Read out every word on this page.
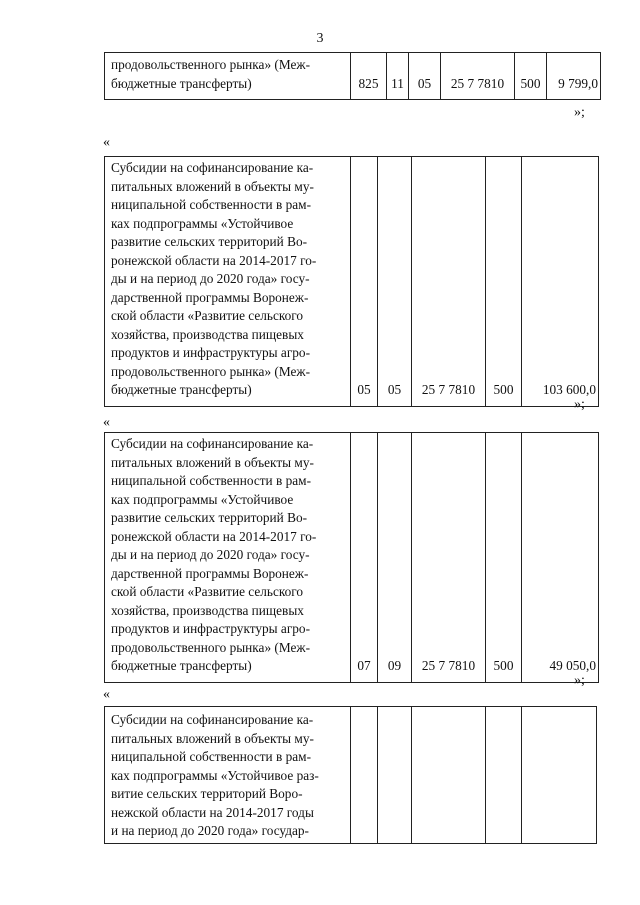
3
продовольственного рынка» (Меж-
бюджетные трансферты)	825	11	05	25 7 7810	500	9 799,0
»;
«
Субсидии на софинансирование ка-
питальных вложений в объекты му-
ниципальной собственности в рам-
ках подпрограммы «Устойчивое
развитие сельских территорий Во-
ронежской области на 2014-2017 го-
ды и на период до 2020 года» госу-
дарственной программы Воронеж-
ской области «Развитие сельского
хозяйства, производства пищевых
продуктов и инфраструктуры агро-
продовольственного рынка» (Меж-
бюджетные трансферты)	05	05	25 7 7810	500	103 600,0
»;
«
Субсидии на софинансирование ка-
питальных вложений в объекты му-
ниципальной собственности в рам-
ках подпрограммы «Устойчивое
развитие сельских территорий Во-
ронежской области на 2014-2017 го-
ды и на период до 2020 года» госу-
дарственной программы Воронеж-
ской области «Развитие сельского
хозяйства, производства пищевых
продуктов и инфраструктуры агро-
продовольственного рынка» (Меж-
бюджетные трансферты)	07	09	25 7 7810	500	49 050,0
»;
«
Субсидии на софинансирование ка-
питальных вложений в объекты му-
ниципальной собственности в рам-
ках подпрограммы «Устойчивое раз-
витие сельских территорий Воро-
нежской области на 2014-2017 годы
и на период до 2020 года» государ-
